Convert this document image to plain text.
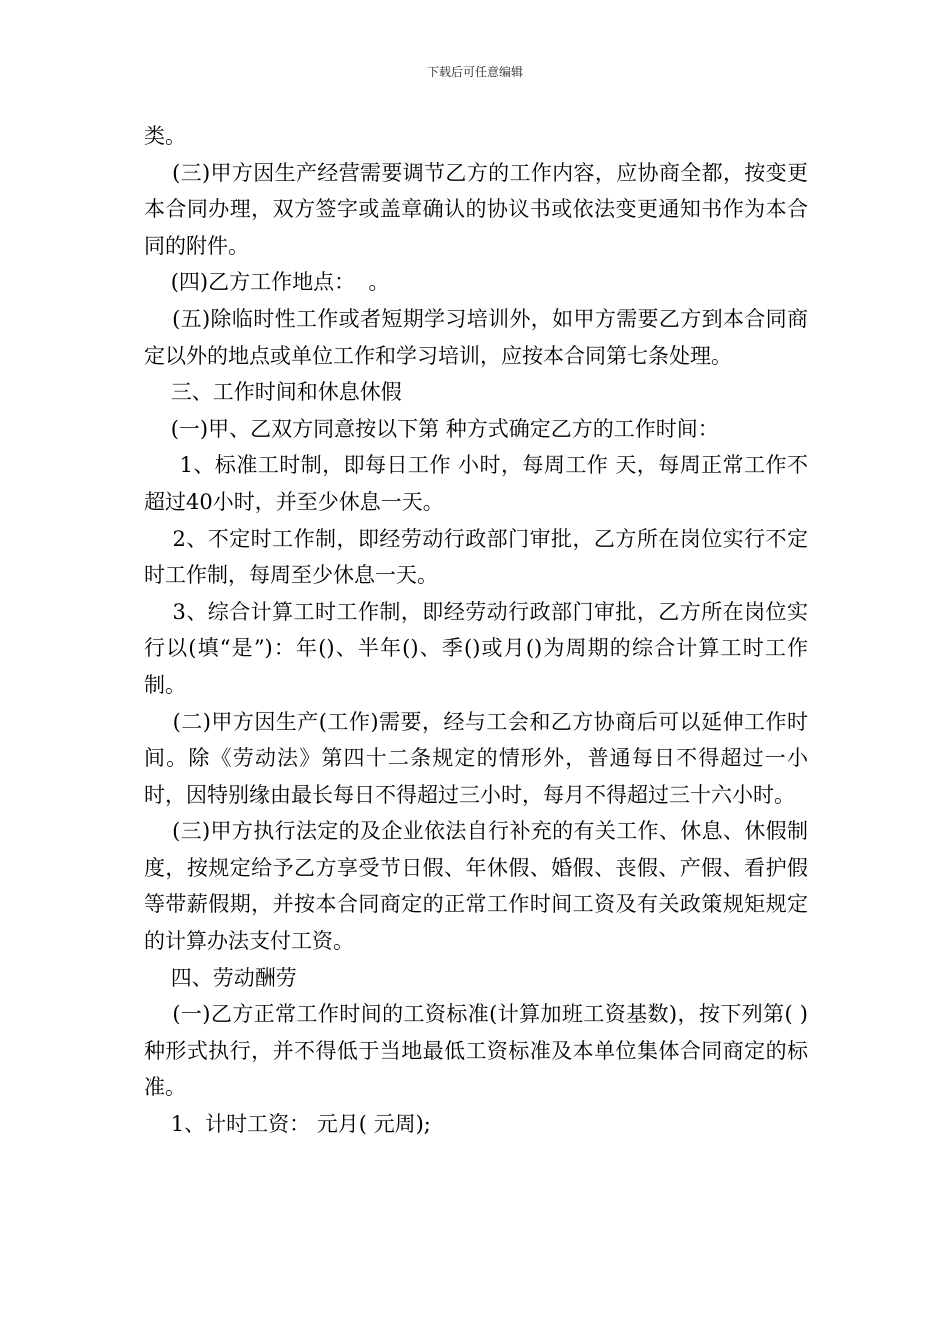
下载后可任意编辑

类。

(三)甲方因生产经营需要调节乙方的工作内容，应协商全都，按变更本合同办理，双方签字或盖章确认的协议书或依法变更通知书作为本合同的附件。

(四)乙方工作地点：  。

(五)除临时性工作或者短期学习培训外，如甲方需要乙方到本合同商定以外的地点或单位工作和学习培训，应按本合同第七条处理。

三、工作时间和休息休假

(一)甲、乙双方同意按以下第 种方式确定乙方的工作时间：

1、标准工时制，即每日工作 小时，每周工作 天，每周正常工作不超过40小时，并至少休息一天。

2、不定时工作制，即经劳动行政部门审批，乙方所在岗位实行不定时工作制，每周至少休息一天。

3、综合计算工时工作制，即经劳动行政部门审批，乙方所在岗位实行以(填“是”)：年()、半年()、季()或月()为周期的综合计算工时工作制。

(二)甲方因生产(工作)需要，经与工会和乙方协商后可以延伸工作时间。除《劳动法》第四十二条规定的情形外，普通每日不得超过一小时，因特别缘由最长每日不得超过三小时，每月不得超过三十六小时。

(三)甲方执行法定的及企业依法自行补充的有关工作、休息、休假制度，按规定给予乙方享受节日假、年休假、婚假、丧假、产假、看护假等带薪假期，并按本合同商定的正常工作时间工资及有关政策规矩规定的计算办法支付工资。

四、劳动酬劳

(一)乙方正常工作时间的工资标准(计算加班工资基数)，按下列第( )种形式执行，并不得低于当地最低工资标准及本单位集体合同商定的标准。

1、计时工资： 元月( 元周);
